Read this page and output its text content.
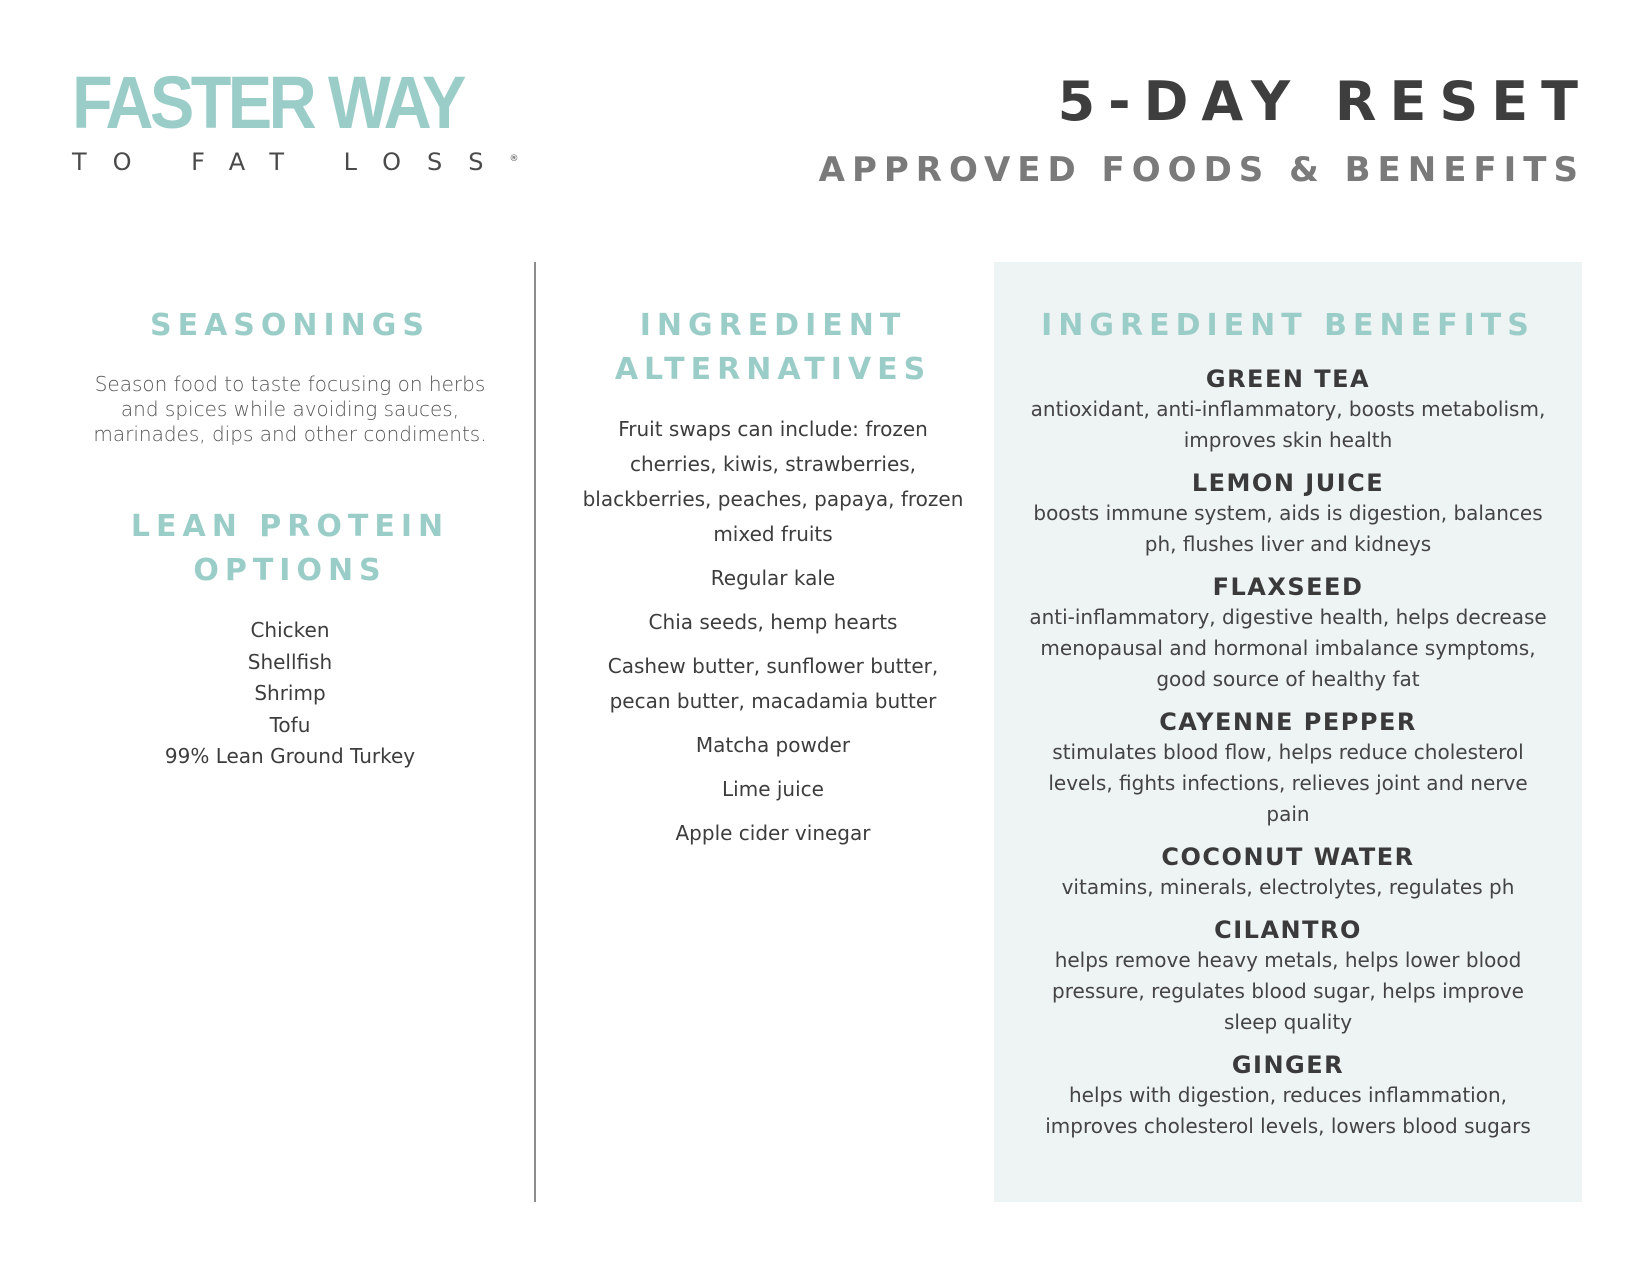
FASTER WAY
TO FAT LOSS®
5-DAY RESET
APPROVED FOODS & BENEFITS
SEASONINGS

Season food to taste focusing on herbs and spices while avoiding sauces, marinades, dips and other condiments.

LEAN PROTEIN
OPTIONS
Chicken
Shellfish
Shrimp
Tofu
99% Lean Ground Turkey
INGREDIENT
ALTERNATIVES
Fruit swaps can include: frozen cherries, kiwis, strawberries, blackberries, peaches, papaya, frozen mixed fruits
Regular kale
Chia seeds, hemp hearts
Cashew butter, sunflower butter, pecan butter, macadamia butter
Matcha powder
Lime juice
Apple cider vinegar
INGREDIENT BENEFITS
GREEN TEA
antioxidant, anti-inflammatory, boosts metabolism, improves skin health
LEMON JUICE
boosts immune system, aids is digestion, balances ph, flushes liver and kidneys
FLAXSEED
anti-inflammatory, digestive health, helps decrease menopausal and hormonal imbalance symptoms, good source of healthy fat
CAYENNE PEPPER
stimulates blood flow, helps reduce cholesterol levels, fights infections, relieves joint and nerve pain
COCONUT WATER
vitamins, minerals, electrolytes, regulates ph
CILANTRO
helps remove heavy metals, helps lower blood pressure, regulates blood sugar, helps improve sleep quality
GINGER
helps with digestion, reduces inflammation, improves cholesterol levels, lowers blood sugars
